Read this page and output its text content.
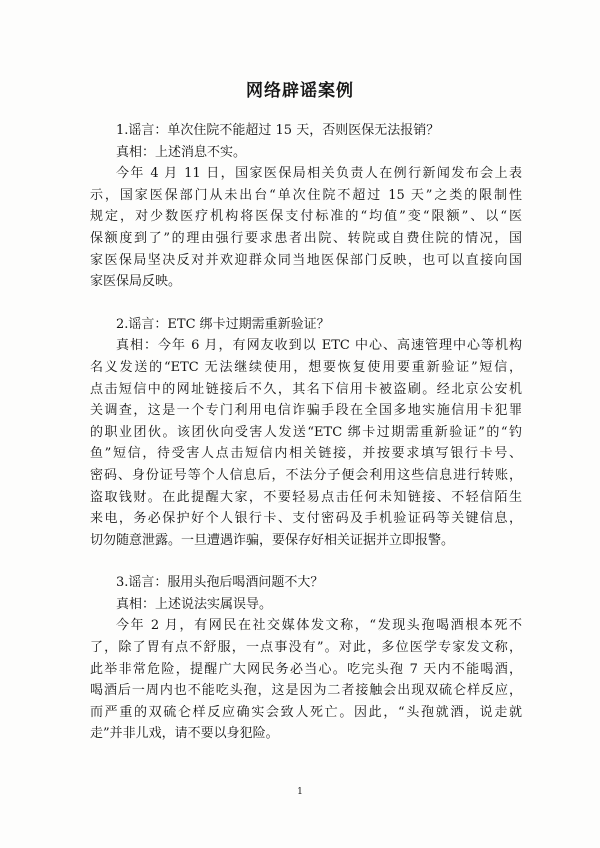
网络辟谣案例
1.谣言：单次住院不能超过 15 天，否则医保无法报销？
真相：上述消息不实。
今年 4 月 11 日，国家医保局相关负责人在例行新闻发布会上表
示，国家医保部门从未出台“单次住院不超过 15 天”之类的限制性
规定，对少数医疗机构将医保支付标准的“均值”变“限额”、以“医
保额度到了”的理由强行要求患者出院、转院或自费住院的情况，国
家医保局坚决反对并欢迎群众同当地医保部门反映，也可以直接向国
家医保局反映。
2.谣言：ETC 绑卡过期需重新验证？
真相：今年 6 月，有网友收到以 ETC 中心、高速管理中心等机构
名义发送的“ETC 无法继续使用，想要恢复使用要重新验证”短信，
点击短信中的网址链接后不久，其名下信用卡被盗刷。经北京公安机
关调查，这是一个专门利用电信诈骗手段在全国多地实施信用卡犯罪
的职业团伙。该团伙向受害人发送“ETC 绑卡过期需重新验证”的“钓
鱼”短信，待受害人点击短信内相关链接，并按要求填写银行卡号、
密码、身份证号等个人信息后，不法分子便会利用这些信息进行转账，
盗取钱财。在此提醒大家，不要轻易点击任何未知链接、不轻信陌生
来电，务必保护好个人银行卡、支付密码及手机验证码等关键信息，
切勿随意泄露。一旦遭遇诈骗，要保存好相关证据并立即报警。
3.谣言：服用头孢后喝酒问题不大？
真相：上述说法实属误导。
今年 2 月，有网民在社交媒体发文称，“发现头孢喝酒根本死不
了，除了胃有点不舒服，一点事没有”。对此，多位医学专家发文称，
此举非常危险，提醒广大网民务必当心。吃完头孢 7 天内不能喝酒，
喝酒后一周内也不能吃头孢，这是因为二者接触会出现双硫仑样反应，
而严重的双硫仑样反应确实会致人死亡。因此，“头孢就酒，说走就
走”并非儿戏，请不要以身犯险。
1
